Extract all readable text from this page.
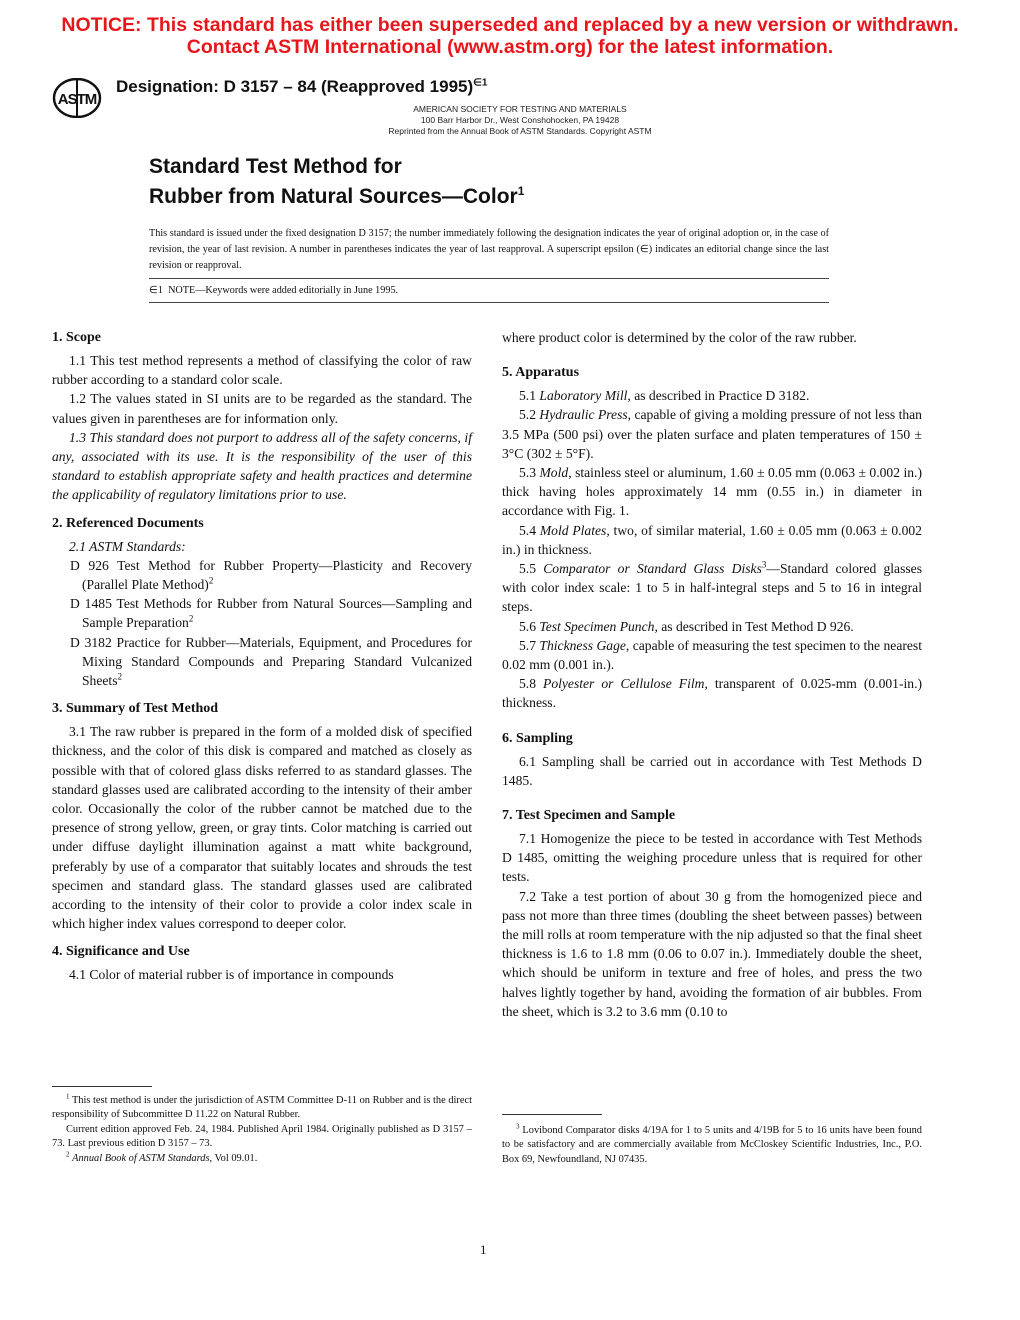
NOTICE: This standard has either been superseded and replaced by a new version or withdrawn. Contact ASTM International (www.astm.org) for the latest information.
ASTM
Designation: D 3157 – 84 (Reapproved 1995)$^{\in 1}$
AMERICAN SOCIETY FOR TESTING AND MATERIALS
100 Barr Harbor Dr., West Conshohocken, PA 19428
Reprinted from the Annual Book of ASTM Standards. Copyright ASTM
Standard Test Method for
Rubber from Natural Sources—Color$^1$
This standard is issued under the fixed designation D 3157; the number immediately following the designation indicates the year of original adoption or, in the case of revision, the year of last revision. A number in parentheses indicates the year of last reapproval. A superscript epsilon (∈) indicates an editorial change since the last revision or reapproval.
∈1 NOTE—Keywords were added editorially in June 1995.
1. Scope

1.1 This test method represents a method of classifying the color of raw rubber according to a standard color scale.

1.2 The values stated in SI units are to be regarded as the standard. The values given in parentheses are for information only.

1.3 This standard does not purport to address all of the safety concerns, if any, associated with its use. It is the responsibility of the user of this standard to establish appropriate safety and health practices and determine the applicability of regulatory limitations prior to use.

2. Referenced Documents

2.1 ASTM Standards:

D 926 Test Method for Rubber Property—Plasticity and Recovery (Parallel Plate Method)$^2$

D 1485 Test Methods for Rubber from Natural Sources—Sampling and Sample Preparation$^2$

D 3182 Practice for Rubber—Materials, Equipment, and Procedures for Mixing Standard Compounds and Preparing Standard Vulcanized Sheets$^2$

3. Summary of Test Method

3.1 The raw rubber is prepared in the form of a molded disk of specified thickness, and the color of this disk is compared and matched as closely as possible with that of colored glass disks referred to as standard glasses. The standard glasses used are calibrated according to the intensity of their amber color. Occasionally the color of the rubber cannot be matched due to the presence of strong yellow, green, or gray tints. Color matching is carried out under diffuse daylight illumination against a matt white background, preferably by use of a comparator that suitably locates and shrouds the test specimen and standard glass. The standard glasses used are calibrated according to the intensity of their color to provide a color index scale in which higher index values correspond to deeper color.

4. Significance and Use

4.1 Color of material rubber is of importance in compounds

$^1$ This test method is under the jurisdiction of ASTM Committee D-11 on Rubber and is the direct responsibility of Subcommittee D 11.22 on Natural Rubber.

Current edition approved Feb. 24, 1984. Published April 1984. Originally published as D 3157 – 73. Last previous edition D 3157 – 73.

$^2$ Annual Book of ASTM Standards, Vol 09.01.

where product color is determined by the color of the raw rubber.

5. Apparatus

5.1 Laboratory Mill, as described in Practice D 3182.

5.2 Hydraulic Press, capable of giving a molding pressure of not less than 3.5 MPa (500 psi) over the platen surface and platen temperatures of 150 ± 3°C (302 ± 5°F).

5.3 Mold, stainless steel or aluminum, 1.60 ± 0.05 mm (0.063 ± 0.002 in.) thick having holes approximately 14 mm (0.55 in.) in diameter in accordance with Fig. 1.

5.4 Mold Plates, two, of similar material, 1.60 ± 0.05 mm (0.063 ± 0.002 in.) in thickness.

5.5 Comparator or Standard Glass Disks$^3$—Standard colored glasses with color index scale: 1 to 5 in half-integral steps and 5 to 16 in integral steps.

5.6 Test Specimen Punch, as described in Test Method D 926.

5.7 Thickness Gage, capable of measuring the test specimen to the nearest 0.02 mm (0.001 in.).

5.8 Polyester or Cellulose Film, transparent of 0.025-mm (0.001-in.) thickness.

6. Sampling

6.1 Sampling shall be carried out in accordance with Test Methods D 1485.

7. Test Specimen and Sample

7.1 Homogenize the piece to be tested in accordance with Test Methods D 1485, omitting the weighing procedure unless that is required for other tests.

7.2 Take a test portion of about 30 g from the homogenized piece and pass not more than three times (doubling the sheet between passes) between the mill rolls at room temperature with the nip adjusted so that the final sheet thickness is 1.6 to 1.8 mm (0.06 to 0.07 in.). Immediately double the sheet, which should be uniform in texture and free of holes, and press the two halves lightly together by hand, avoiding the formation of air bubbles. From the sheet, which is 3.2 to 3.6 mm (0.10 to

$^3$ Lovibond Comparator disks 4/19A for 1 to 5 units and 4/19B for 5 to 16 units have been found to be satisfactory and are commercially available from McCloskey Scientific Industries, Inc., P.O. Box 69, Newfoundland, NJ 07435.

1
